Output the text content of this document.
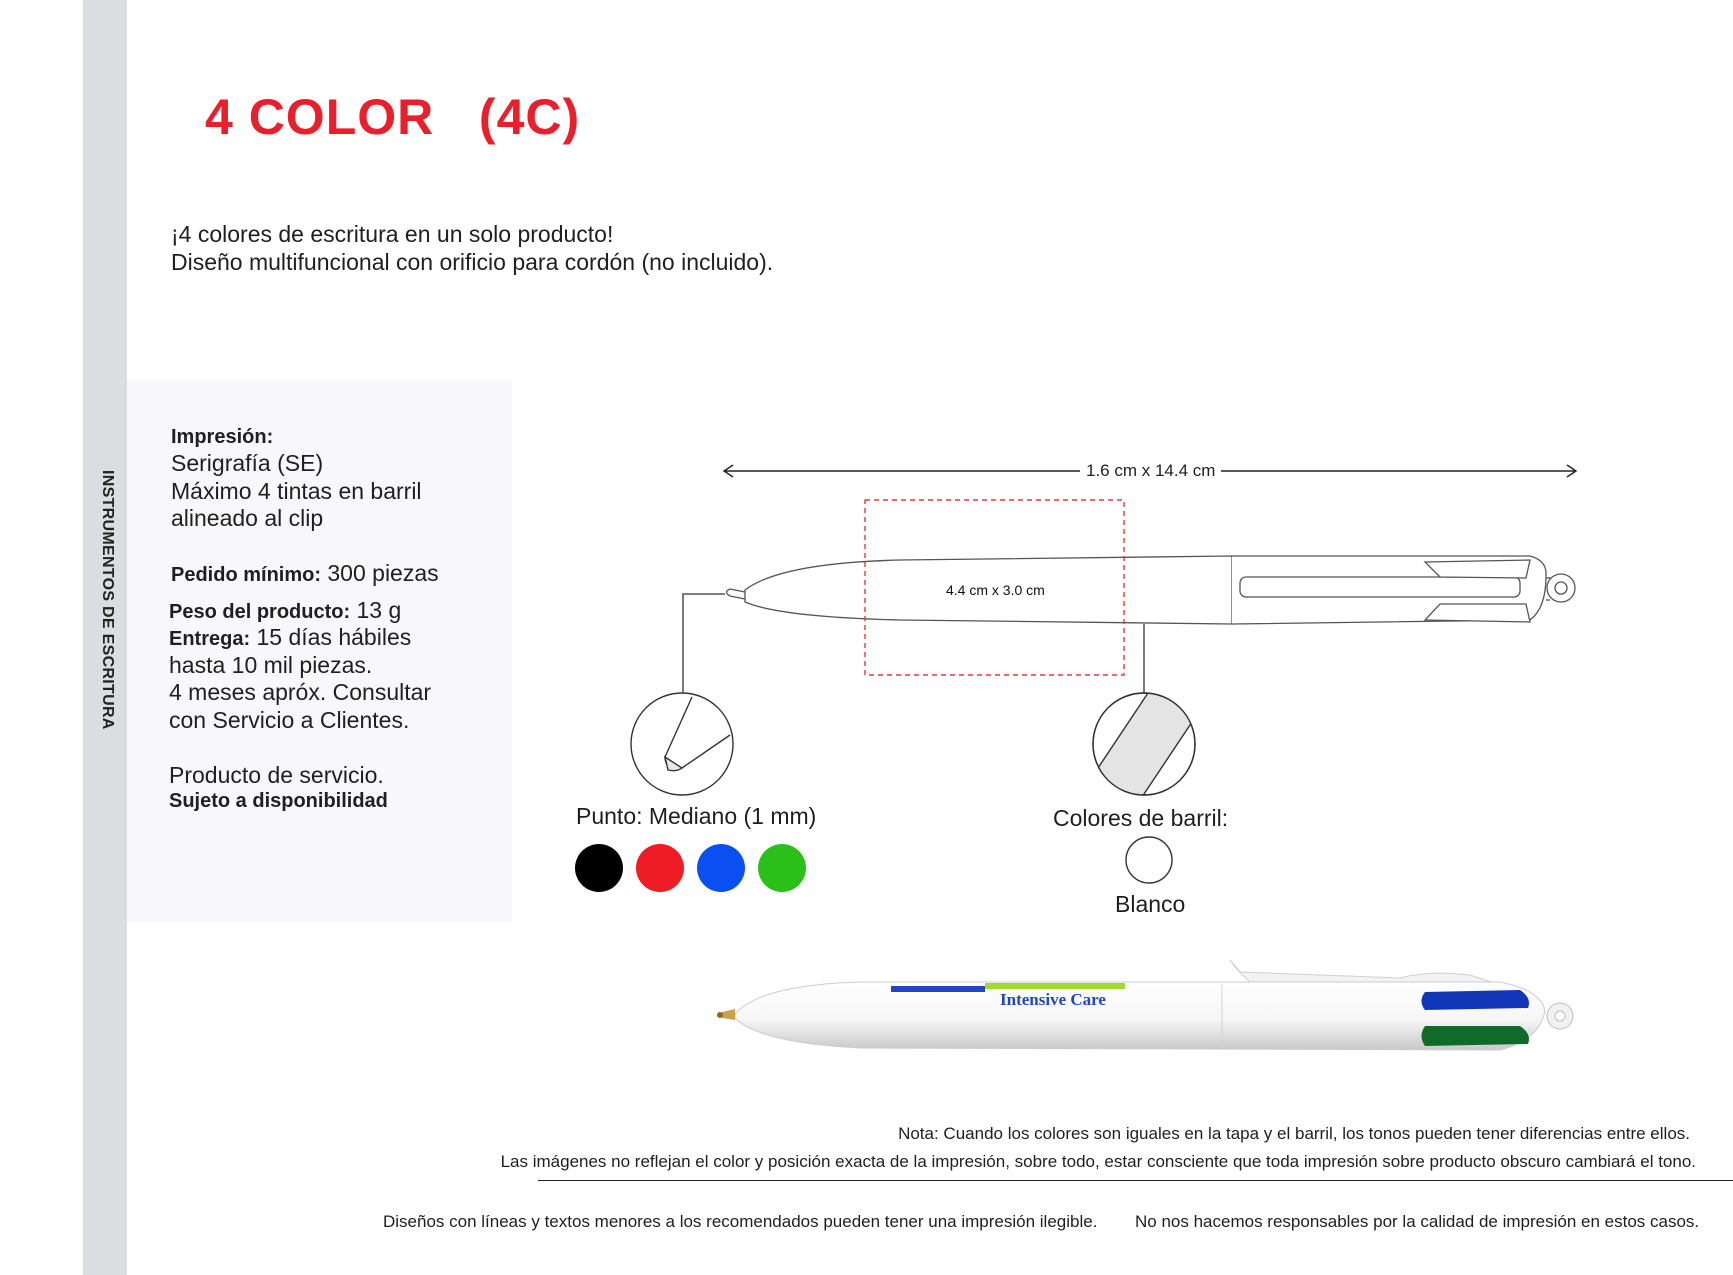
INSTRUMENTOS DE ESCRITURA
4 COLOR   (4C)
¡4 colores de escritura en un solo producto!
Diseño multifuncional con orificio para cordón (no incluido).
Impresión:
Serigrafía (SE)
Máximo 4 tintas en barril
alineado al clip
Pedido mínimo: 300 piezas
Peso del producto: 13 g
Entrega: 15 días hábiles
hasta 10 mil piezas.
4 meses apróx. Consultar
con Servicio a Clientes.
Producto de servicio.
Sujeto a disponibilidad
1.6 cm x 14.4 cm
4.4 cm x 3.0 cm
Punto: Mediano (1 mm)	Colores de barril:
Blanco
Intensive Care
Nota: Cuando los colores son iguales en la tapa y el barril, los tonos pueden tener diferencias entre ellos.
Las imágenes no reflejan el color y posición exacta de la impresión, sobre todo, estar consciente que toda impresión sobre producto obscuro cambiará el tono.
Diseños con líneas y textos menores a los recomendados pueden tener una impresión ilegible. No nos hacemos responsables por la calidad de impresión en estos casos.
